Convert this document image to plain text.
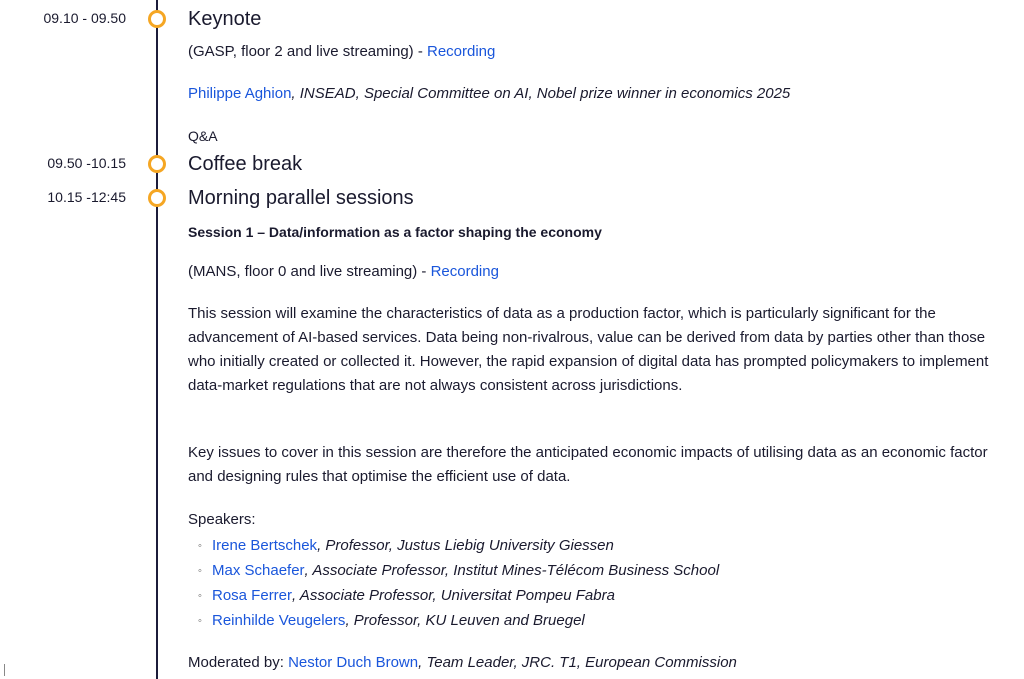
09.10 - 09.50	Keynote
(GASP, floor 2 and live streaming) - Recording
Philippe Aghion, INSEAD, Special Committee on AI, Nobel prize winner in economics 2025
Q&A
09.50 -10.15	Coffee break
10.15 -12:45	Morning parallel sessions
Session 1 – Data/information as a factor shaping the economy
(MANS, floor 0 and live streaming) - Recording
This session will examine the characteristics of data as a production factor, which is particularly significant for the advancement of AI-based services. Data being non-rivalrous, value can be derived from data by parties other than those who initially created or collected it. However, the rapid expansion of digital data has prompted policymakers to implement data-market regulations that are not always consistent across jurisdictions.
Key issues to cover in this session are therefore the anticipated economic impacts of utilising data as an economic factor and designing rules that optimise the efficient use of data.
Speakers:
◦ Irene Bertschek, Professor, Justus Liebig University Giessen
◦ Max Schaefer, Associate Professor, Institut Mines-Télécom Business School
◦ Rosa Ferrer, Associate Professor, Universitat Pompeu Fabra
◦ Reinhilde Veugelers, Professor, KU Leuven and Bruegel
Moderated by: Nestor Duch Brown, Team Leader, JRC. T1, European Commission
